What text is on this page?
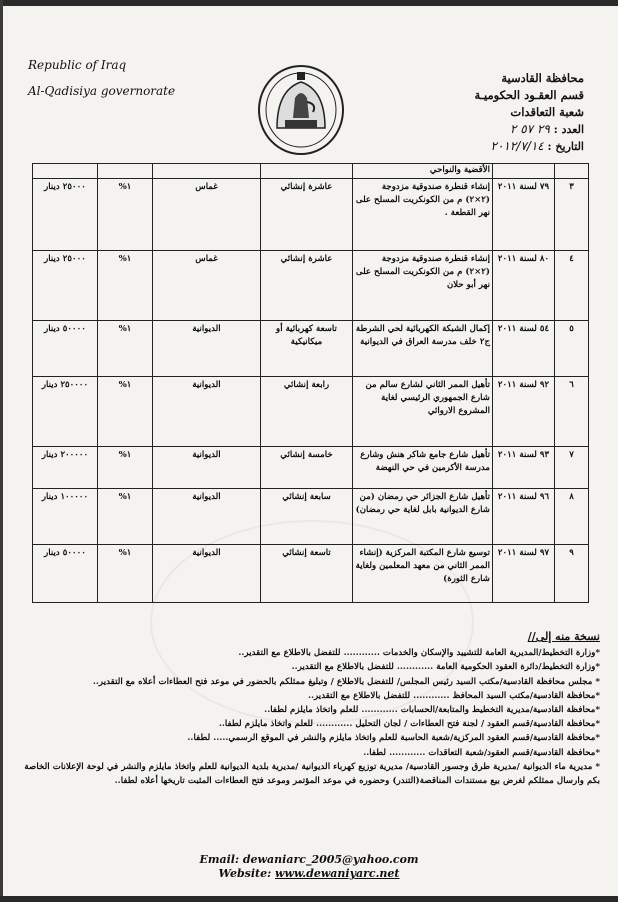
Republic of Iraq
Al-Qadisiya governorate
محافظة القادسية
قسم العقـود الحكوميـة
شعبة التعاقدات
العدد : ٢٩ ٥٧ ٢
التاريخ : ٢٠١٢/٧/١٤
		الأقضية والنواحي				
٣	٧٩ لسنة ٢٠١١	إنشاء قنطرة صندوقية مزدوجة (٢×٢) م من الكونكريت المسلح على نهر القطعة .	عاشرة إنشائي	غماس	١%	٢٥٠٠٠ دينار
٤	٨٠ لسنة ٢٠١١	إنشاء قنطرة صندوقية مزدوجة (٢×٢) م من الكونكريت المسلح على نهر أبو حلان	عاشرة إنشائي	غماس	١%	٢٥٠٠٠ دينار
٥	٥٤ لسنة ٢٠١١	إكمال الشبكة الكهربائية لحي الشرطة ج٢ خلف مدرسة العراق في الديوانية	تاسعة كهربائية أو ميكانيكية	الديوانية	١%	٥٠٠٠٠ دينار
٦	٩٢ لسنة ٢٠١١	تأهيل الممر الثاني لشارع سالم من شارع الجمهوري الرئيسي لغاية المشروع الاروائي	رابعة إنشائي	الديوانية	١%	٢٥٠٠٠٠ دينار
٧	٩٣ لسنة ٢٠١١	تأهيل شارع جامع شاكر هنش وشارع مدرسة الأكرمين في حي النهضة	خامسة إنشائي	الديوانية	١%	٢٠٠٠٠٠ دينار
٨	٩٦ لسنة ٢٠١١	تأهيل شارع الجزائر حي رمضان (من شارع الديوانية بابل لغاية حي رمضان)	سابعة إنشائي	الديوانية	١%	١٠٠٠٠٠ دينار
٩	٩٧ لسنة ٢٠١١	توسيع شارع المكتبة المركزية (إنشاء الممر الثاني من معهد المعلمين ولغاية شارع الثورة)	تاسعة إنشائي	الديوانية	١%	٥٠٠٠٠ دينار

نسخة منه إلى//

*وزارة التخطيط/المديرية العامة للتشييد والإسكان والخدمات ............ للتفضل بالاطلاع مع التقدير..

*وزارة التخطيط/دائرة العقود الحكومية العامة ............ للتفضل بالاطلاع مع التقدير..

* مجلس محافظة القادسية/مكتب السيد رئيس المجلس/ للتفضل بالاطلاع / وتبليغ ممثلكم بالحضور في موعد فتح العطاءات أعلاه مع التقدير..

*محافظة القادسية/مكتب السيد المحافظ ............ للتفضل بالاطلاع مع التقدير..

*محافظة القادسية/مديرية التخطيط والمتابعة/الحسابات ............ للعلم واتخاذ مايلزم لطفا..

*محافظة القادسية/قسم العقود / لجنة فتح العطاءات / لجان التحليل ............ للعلم واتخاذ مايلزم لطفا..

*محافظة القادسية/قسم العقود المركزية/شعبة الحاسبة للعلم واتخاذ مايلزم والنشر في الموقع الرسمي..... لطفا..

*محافظة القادسية/قسم العقود/شعبة التعاقدات ............ لطفا..

* مديرية ماء الديوانية /مديرية طرق وجسور القادسية/ مديرية توزيع كهرباء الديوانية /مديرية بلدية الديوانية للعلم واتخاذ مايلزم والنشر في لوحة الإعلانات الخاصة بكم وارسال ممثلكم لغرض بيع مستندات المناقصة(التندر) وحضوره في موعد المؤتمر وموعد فتح العطاءات المثبت تاريخها أعلاه لطفا..

Email: dewaniarc_2005@yahoo.com
Website: www.dewaniyarc.net
